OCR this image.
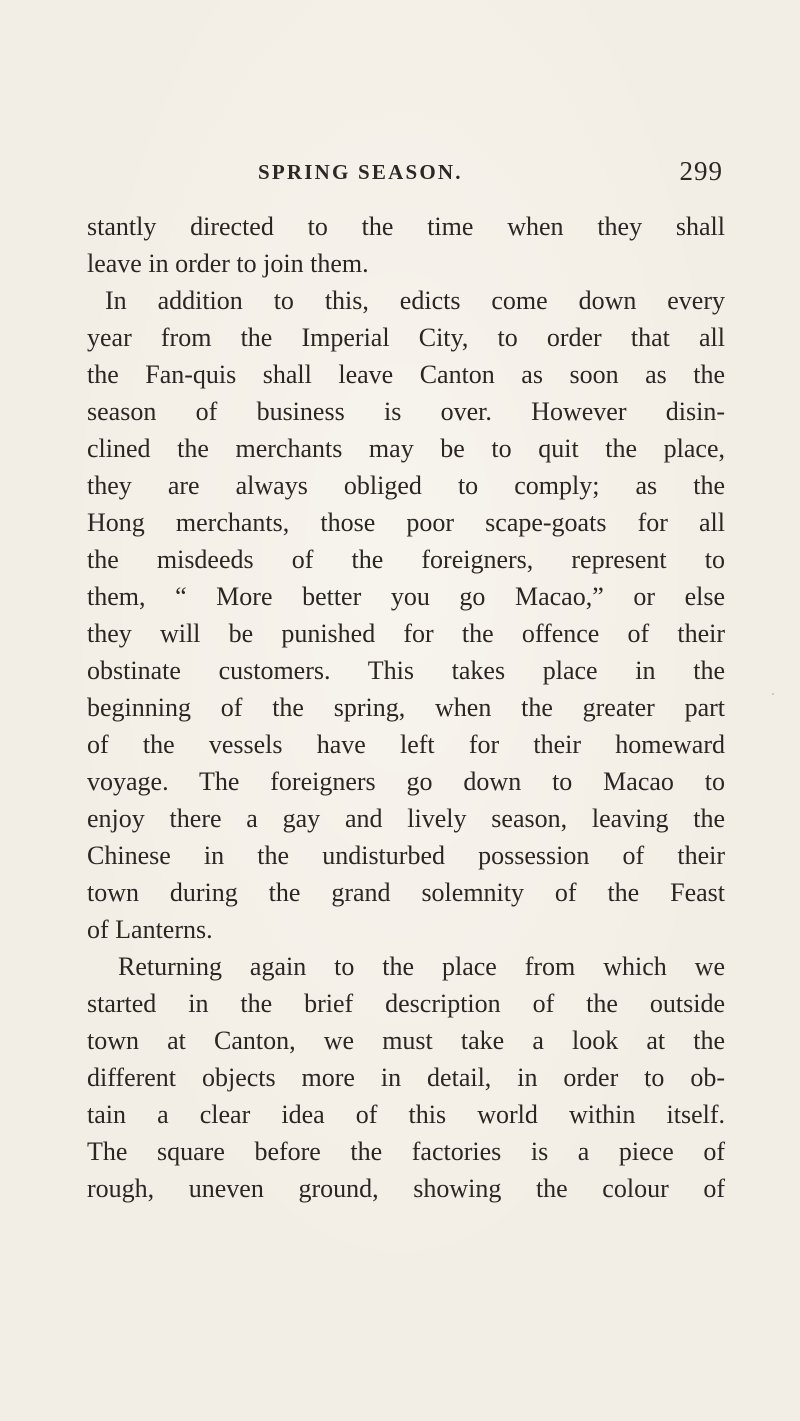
SPRING SEASON.	299
stantly directed to the time when they shall
leave in order to join them.
In addition to this, edicts come down every
year from the Imperial City, to order that all
the Fan-quis shall leave Canton as soon as the
season of business is over. However disin-
clined the merchants may be to quit the place,
they are always obliged to comply; as the
Hong merchants, those poor scape-goats for all
the misdeeds of the foreigners, represent to
them, “ More better you go Macao,” or else
they will be punished for the offence of their
obstinate customers. This takes place in the
beginning of the spring, when the greater part
of the vessels have left for their homeward
voyage. The foreigners go down to Macao to
enjoy there a gay and lively season, leaving the
Chinese in the undisturbed possession of their
town during the grand solemnity of the Feast
of Lanterns.
Returning again to the place from which we
started in the brief description of the outside
town at Canton, we must take a look at the
different objects more in detail, in order to ob-
tain a clear idea of this world within itself.
The square before the factories is a piece of
rough, uneven ground, showing the colour of
